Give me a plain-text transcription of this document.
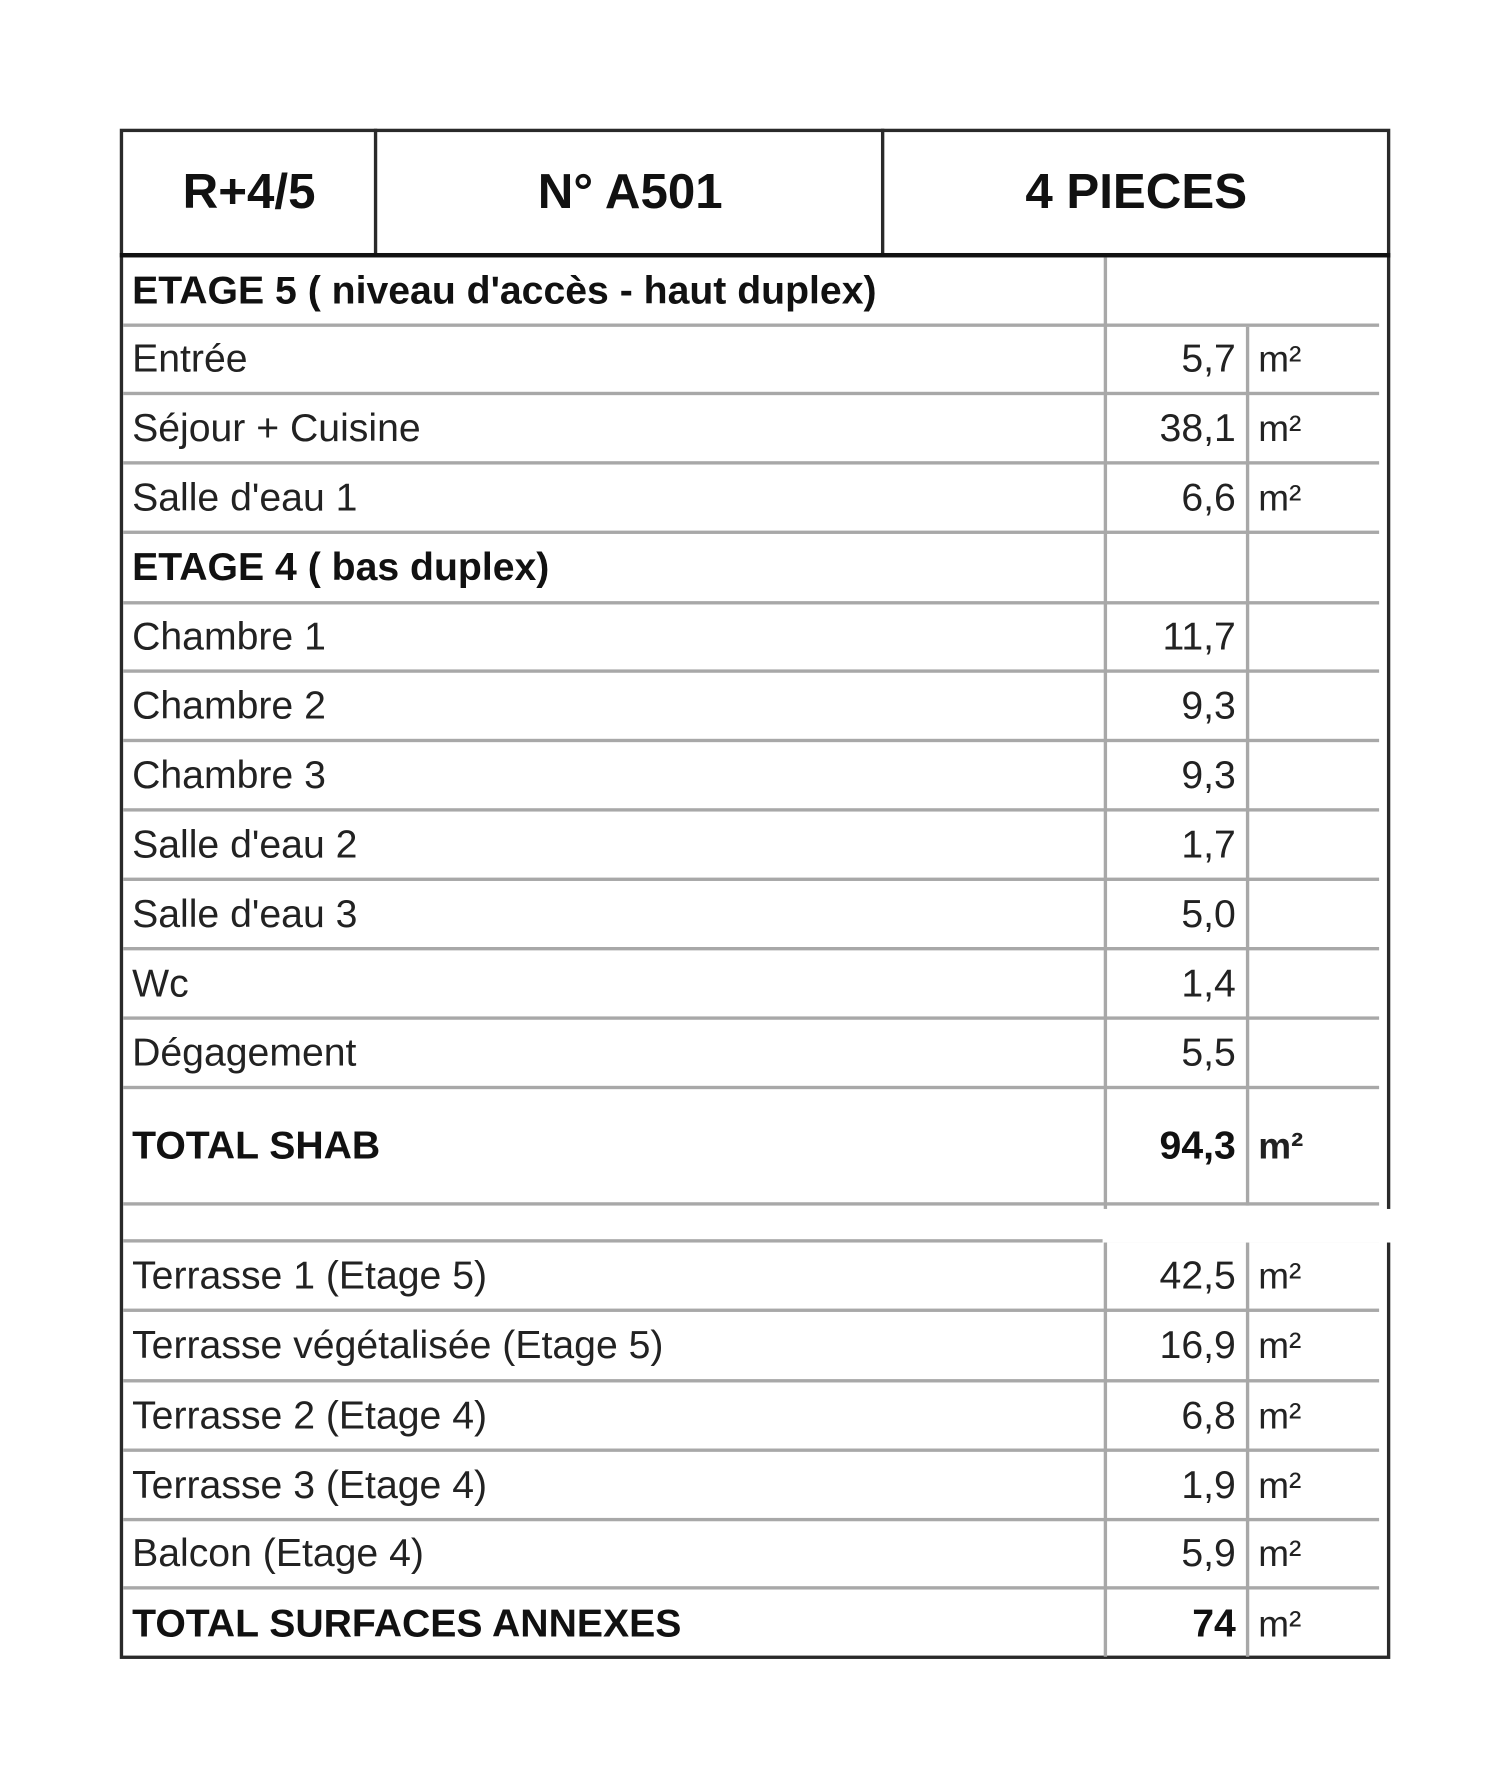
R+4/5	N° A501	4 PIECES
ETAGE 5 ( niveau d'accès - haut duplex)
Entrée	5,7 m²
Séjour + Cuisine	38,1 m²
Salle d'eau 1	6,6 m²
ETAGE 4 ( bas duplex)
Chambre 1	11,7
Chambre 2	9,3
Chambre 3	9,3
Salle d'eau 2	1,7
Salle d'eau 3	5,0
Wc	1,4
Dégagement	5,5
TOTAL SHAB	94,3 m²
Terrasse 1 (Etage 5)	42,5 m²
Terrasse végétalisée (Etage 5)	16,9 m²
Terrasse 2 (Etage 4)	6,8 m²
Terrasse 3 (Etage 4)	1,9 m²
Balcon (Etage 4)	5,9 m²
TOTAL SURFACES ANNEXES	74 m²
